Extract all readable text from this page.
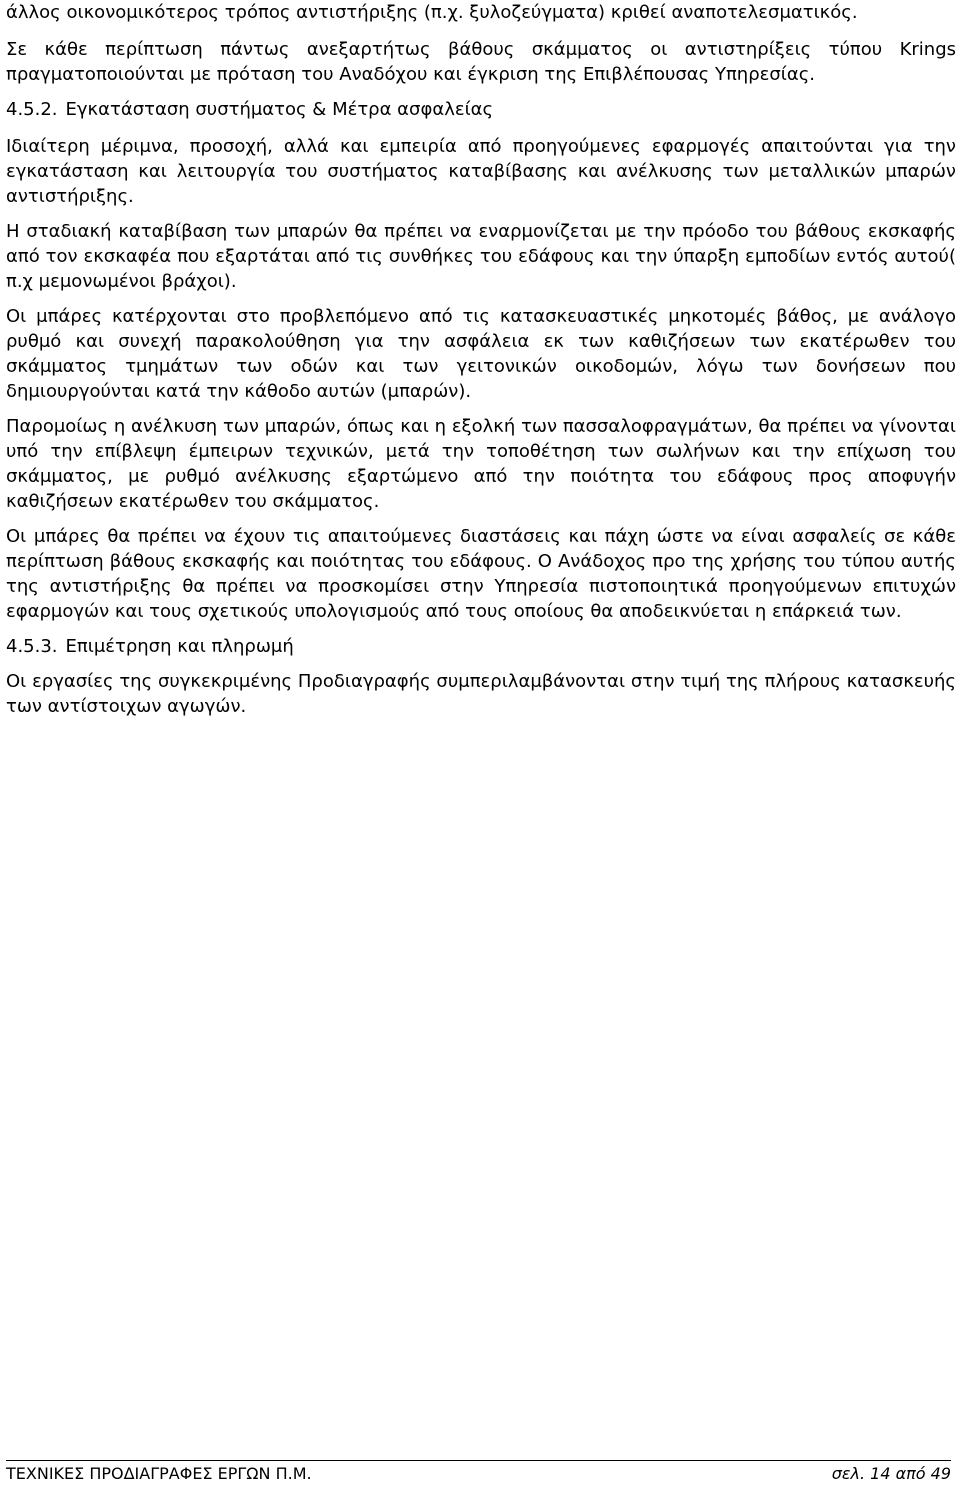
άλλος οικονομικότερος τρόπος αντιστήριξης (π.χ. ξυλοζεύγματα) κριθεί αναποτελεσματικός.

Σε κάθε περίπτωση πάντως ανεξαρτήτως βάθους σκάμματος οι αντιστηρίξεις τύπου Krings πραγματοποιούνται με πρόταση του Αναδόχου και έγκριση της Επιβλέπουσας Υπηρεσίας.

4.5.2. Εγκατάσταση συστήματος & Μέτρα ασφαλείας

Ιδιαίτερη μέριμνα, προσοχή, αλλά και εμπειρία από προηγούμενες εφαρμογές απαιτούνται για την εγκατάσταση και λειτουργία του συστήματος καταβίβασης και ανέλκυσης των μεταλλικών μπαρών αντιστήριξης.

Η σταδιακή καταβίβαση των μπαρών θα πρέπει να εναρμονίζεται με την πρόοδο του βάθους εκσκαφής από τον εκσκαφέα που εξαρτάται από τις συνθήκες του εδάφους και την ύπαρξη εμποδίων εντός αυτού( π.χ μεμονωμένοι βράχοι).

Οι μπάρες κατέρχονται στο προβλεπόμενο από τις κατασκευαστικές μηκοτομές βάθος, με ανάλογο ρυθμό και συνεχή παρακολούθηση για την ασφάλεια εκ των καθιζήσεων των εκατέρωθεν του σκάμματος τμημάτων των οδών και των γειτονικών οικοδομών, λόγω των δονήσεων που δημιουργούνται κατά την κάθοδο αυτών (μπαρών).

Παρομοίως η ανέλκυση των μπαρών, όπως και η εξολκή των πασσαλοφραγμάτων, θα πρέπει να γίνονται υπό την επίβλεψη έμπειρων τεχνικών, μετά την τοποθέτηση των σωλήνων και την επίχωση του σκάμματος, με ρυθμό ανέλκυσης εξαρτώμενο από την ποιότητα του εδάφους προς αποφυγήν καθιζήσεων εκατέρωθεν του σκάμματος.

Οι μπάρες θα πρέπει να έχουν τις απαιτούμενες διαστάσεις και πάχη ώστε να είναι ασφαλείς σε κάθε περίπτωση βάθους εκσκαφής και ποιότητας του εδάφους. Ο Ανάδοχος προ της χρήσης του τύπου αυτής της αντιστήριξης θα πρέπει να προσκομίσει στην Υπηρεσία πιστοποιητικά προηγούμενων επιτυχών εφαρμογών και τους σχετικούς υπολογισμούς από τους οποίους θα αποδεικνύεται η επάρκειά των.

4.5.3. Επιμέτρηση και πληρωμή

Οι εργασίες της συγκεκριμένης Προδιαγραφής συμπεριλαμβάνονται στην τιμή της πλήρους κατασκευής των αντίστοιχων αγωγών.

ΤΕΧΝΙΚΕΣ ΠΡΟΔΙΑΓΡΑΦΕΣ ΕΡΓΩΝ Π.Μ.	σελ. 14 από 49
